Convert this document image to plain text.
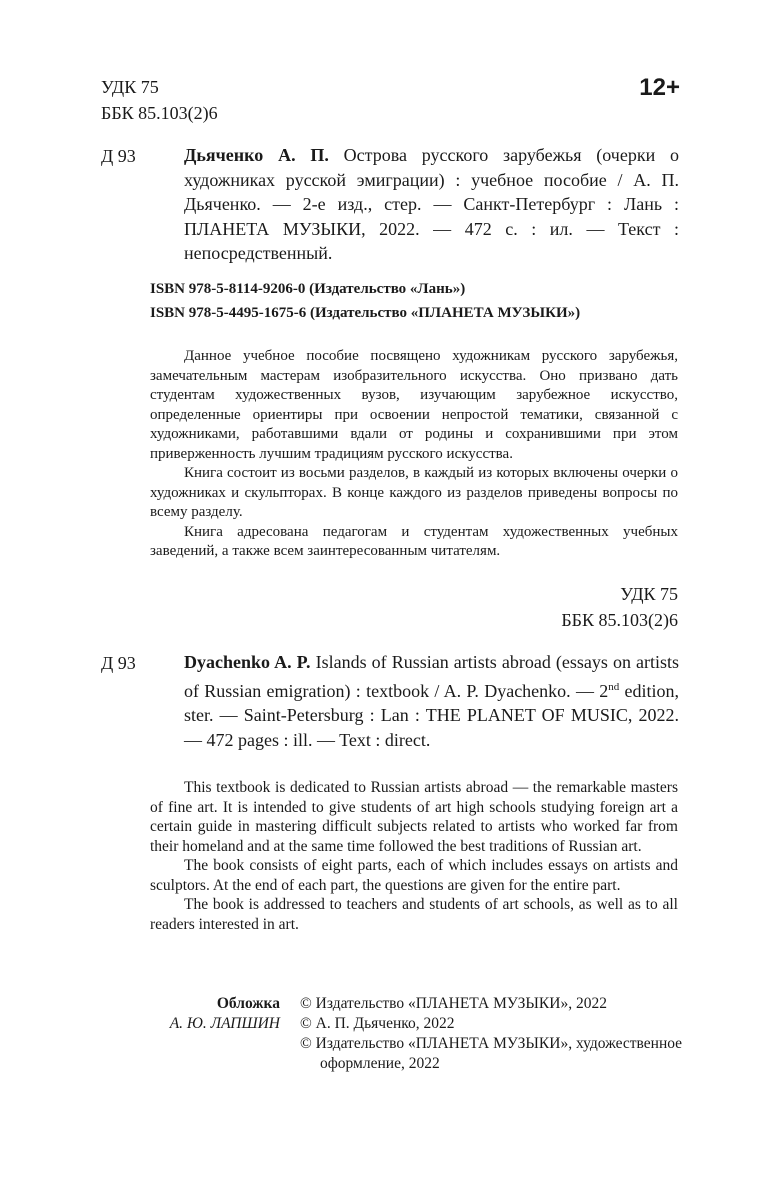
УДК 75
ББК 85.103(2)6
12+
Д 93	Дьяченко А. П. Острова русского зарубежья (очерки о художниках русской эмиграции) : учебное пособие / А. П. Дьяченко. — 2-е изд., стер. — Санкт-Петербург : Лань : ПЛАНЕТА МУЗЫКИ, 2022. — 472 с. : ил. — Текст : непосредственный.
ISBN 978-5-8114-9206-0 (Издательство «Лань»)
ISBN 978-5-4495-1675-6 (Издательство «ПЛАНЕТА МУЗЫКИ»)

Данное учебное пособие посвящено художникам русского зарубежья, замечательным мастерам изобразительного искусства. Оно призвано дать студентам художественных вузов, изучающим зарубежное искусство, определенные ориентиры при освоении непростой тематики, связанной с художниками, работавшими вдали от родины и сохранившими при этом приверженность лучшим традициям русского искусства.

Книга состоит из восьми разделов, в каждый из которых включены очерки о художниках и скульпторах. В конце каждого из разделов приведены вопросы по всему разделу.

Книга адресована педагогам и студентам художественных учебных заведений, а также всем заинтересованным читателям.

УДК 75
ББК 85.103(2)6
Д 93	Dyachenko A. P. Islands of Russian artists abroad (essays on artists of Russian emigration) : textbook / A. P. Dyachenko. — 2nd edition, ster. — Saint-Petersburg : Lan : THE PLANET OF MUSIC, 2022. — 472 pages : ill. — Text : direct.

This textbook is dedicated to Russian artists abroad — the remarkable masters of fine art. It is intended to give students of art high schools studying foreign art a certain guide in mastering difficult subjects related to artists who worked far from their homeland and at the same time followed the best traditions of Russian art.

The book consists of eight parts, each of which includes essays on artists and sculptors. At the end of each part, the questions are given for the entire part.

The book is addressed to teachers and students of art schools, as well as to all readers interested in art.

Обложка
А. Ю. ЛАПШИН
© Издательство «ПЛАНЕТА МУЗЫКИ», 2022
© А. П. Дьяченко, 2022
© Издательство «ПЛАНЕТА МУЗЫКИ», художественное оформление, 2022
